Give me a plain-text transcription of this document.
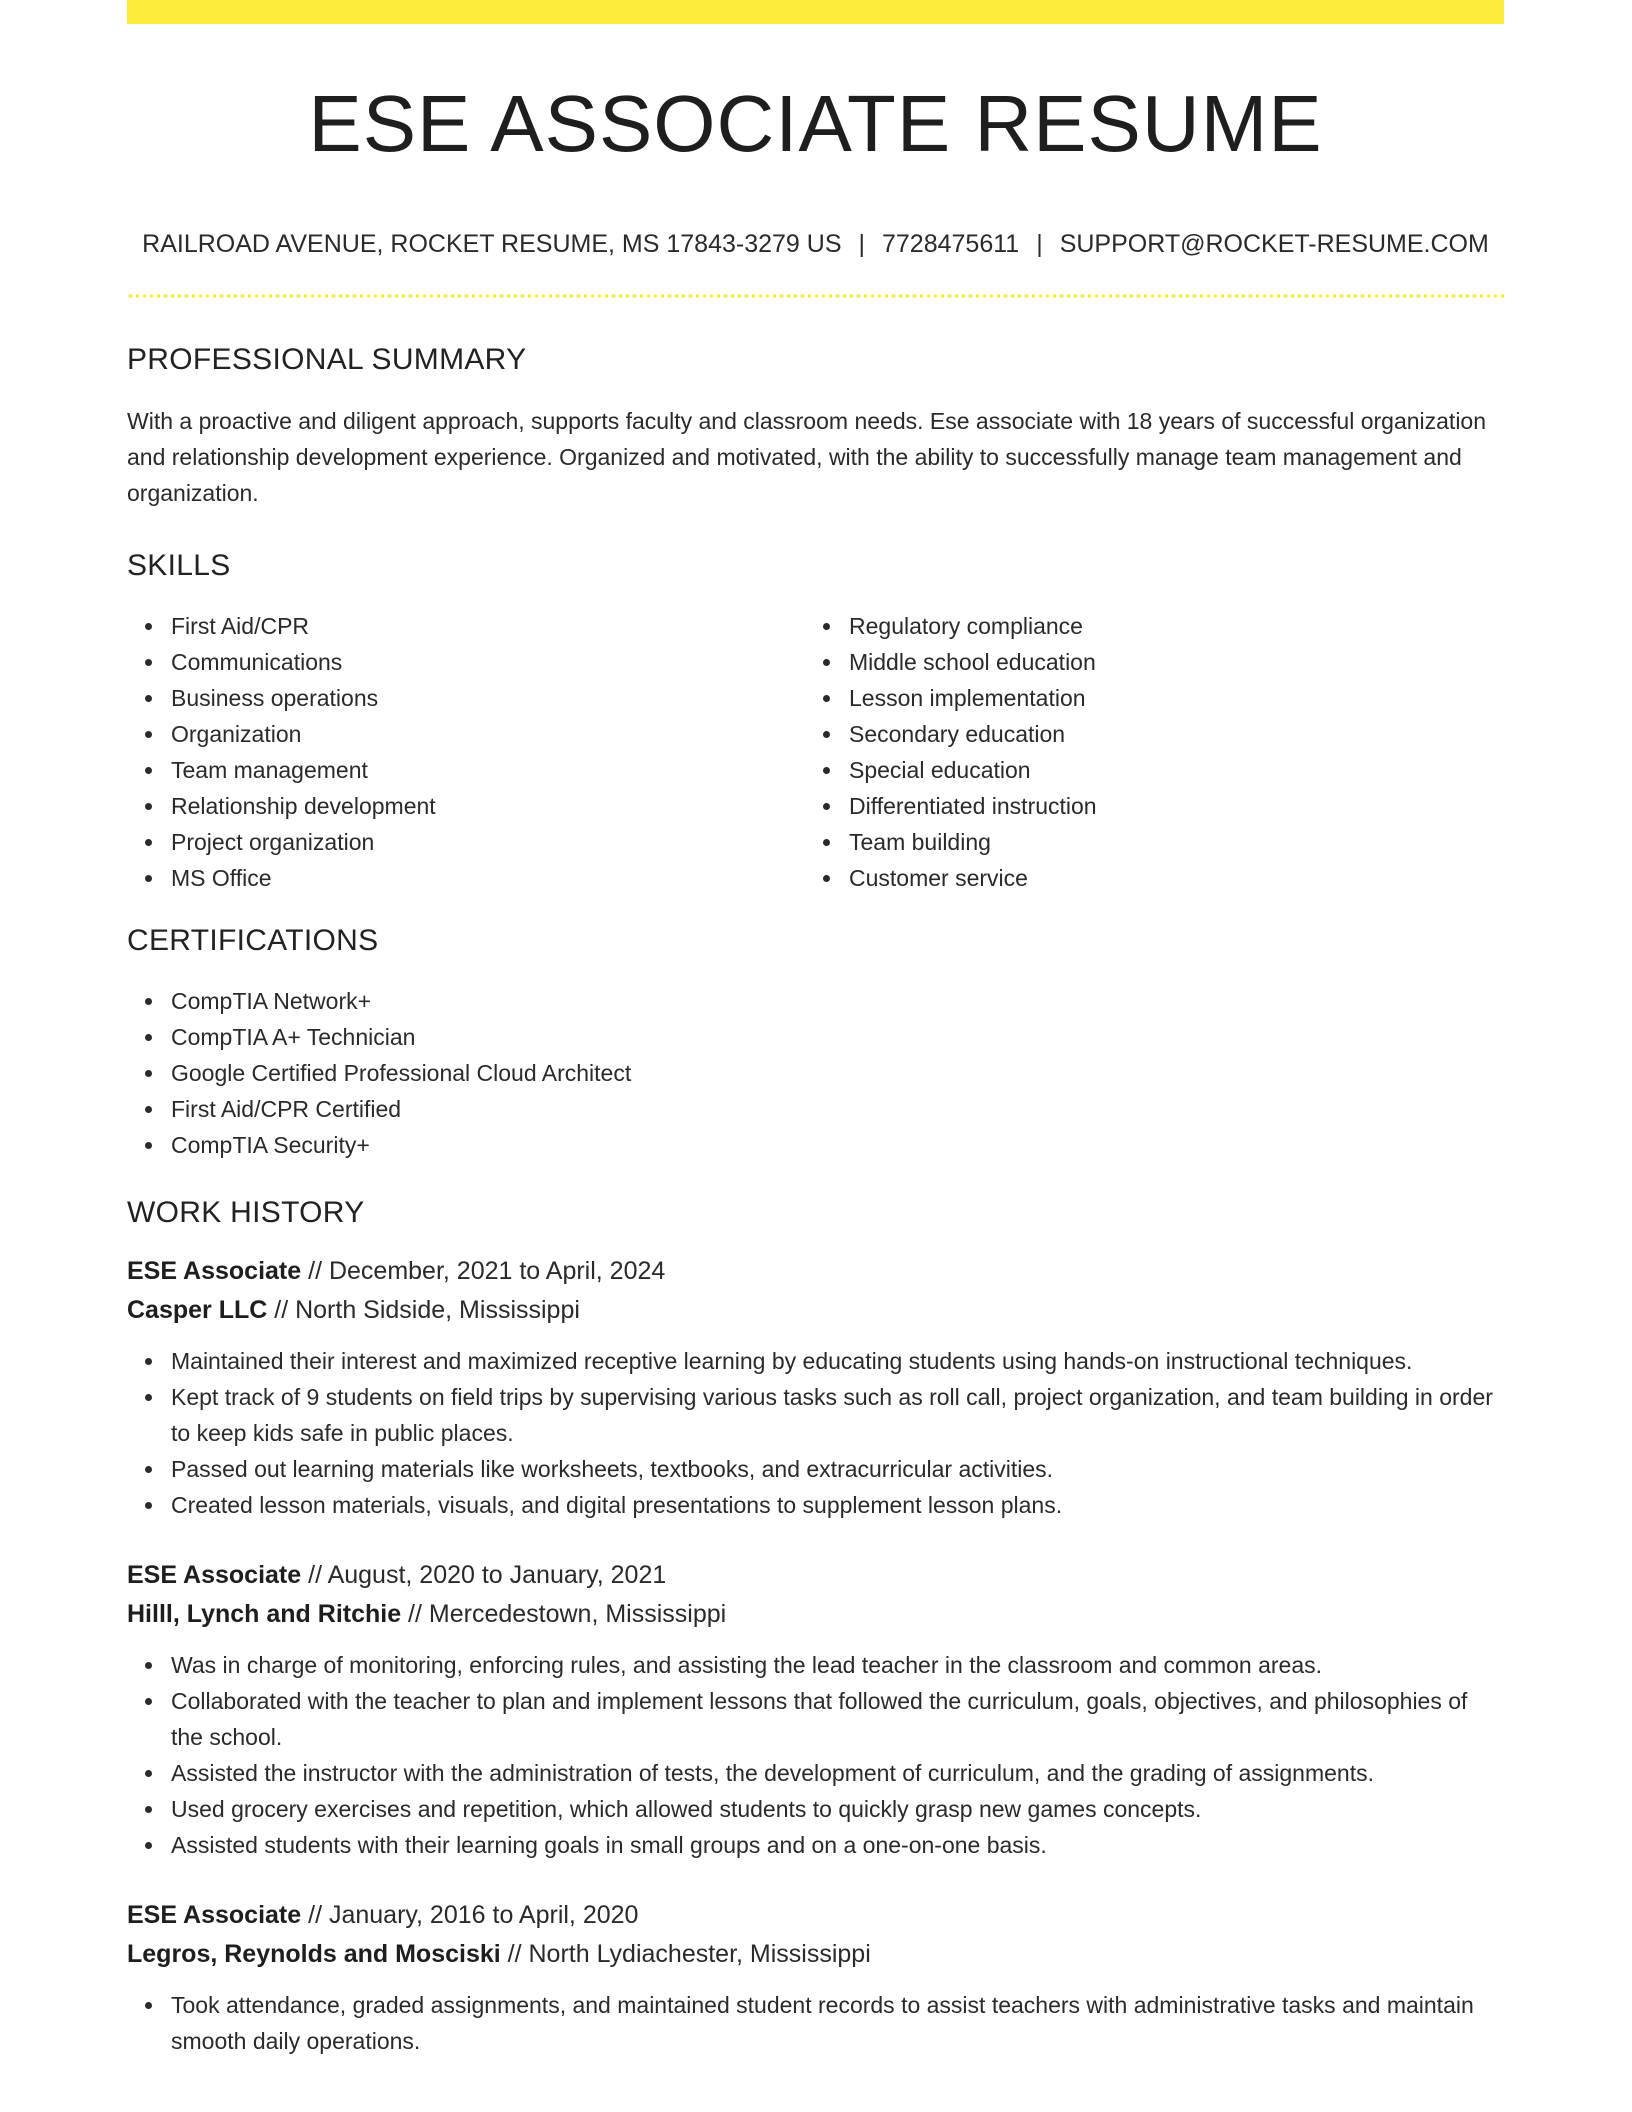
ESE ASSOCIATE RESUME
RAILROAD AVENUE, ROCKET RESUME, MS 17843-3279 US | 7728475611 | SUPPORT@ROCKET-RESUME.COM
PROFESSIONAL SUMMARY

With a proactive and diligent approach, supports faculty and classroom needs. Ese associate with 18 years of successful organization and relationship development experience. Organized and motivated, with the ability to successfully manage team management and organization.

SKILLS
First Aid/CPR
Communications
Business operations
Organization
Team management
Relationship development
Project organization
MS Office
Regulatory compliance
Middle school education
Lesson implementation
Secondary education
Special education
Differentiated instruction
Team building
Customer service
CERTIFICATIONS
CompTIA Network+
CompTIA A+ Technician
Google Certified Professional Cloud Architect
First Aid/CPR Certified
CompTIA Security+
WORK HISTORY
ESE Associate // December, 2021 to April, 2024
Casper LLC // North Sidside, Mississippi
Maintained their interest and maximized receptive learning by educating students using hands-on instructional techniques.
Kept track of 9 students on field trips by supervising various tasks such as roll call, project organization, and team building in order to keep kids safe in public places.
Passed out learning materials like worksheets, textbooks, and extracurricular activities.
Created lesson materials, visuals, and digital presentations to supplement lesson plans.
ESE Associate // August, 2020 to January, 2021
Hilll, Lynch and Ritchie // Mercedestown, Mississippi
Was in charge of monitoring, enforcing rules, and assisting the lead teacher in the classroom and common areas.
Collaborated with the teacher to plan and implement lessons that followed the curriculum, goals, objectives, and philosophies of the school.
Assisted the instructor with the administration of tests, the development of curriculum, and the grading of assignments.
Used grocery exercises and repetition, which allowed students to quickly grasp new games concepts.
Assisted students with their learning goals in small groups and on a one-on-one basis.
ESE Associate // January, 2016 to April, 2020
Legros, Reynolds and Mosciski // North Lydiachester, Mississippi
Took attendance, graded assignments, and maintained student records to assist teachers with administrative tasks and maintain smooth daily operations.
